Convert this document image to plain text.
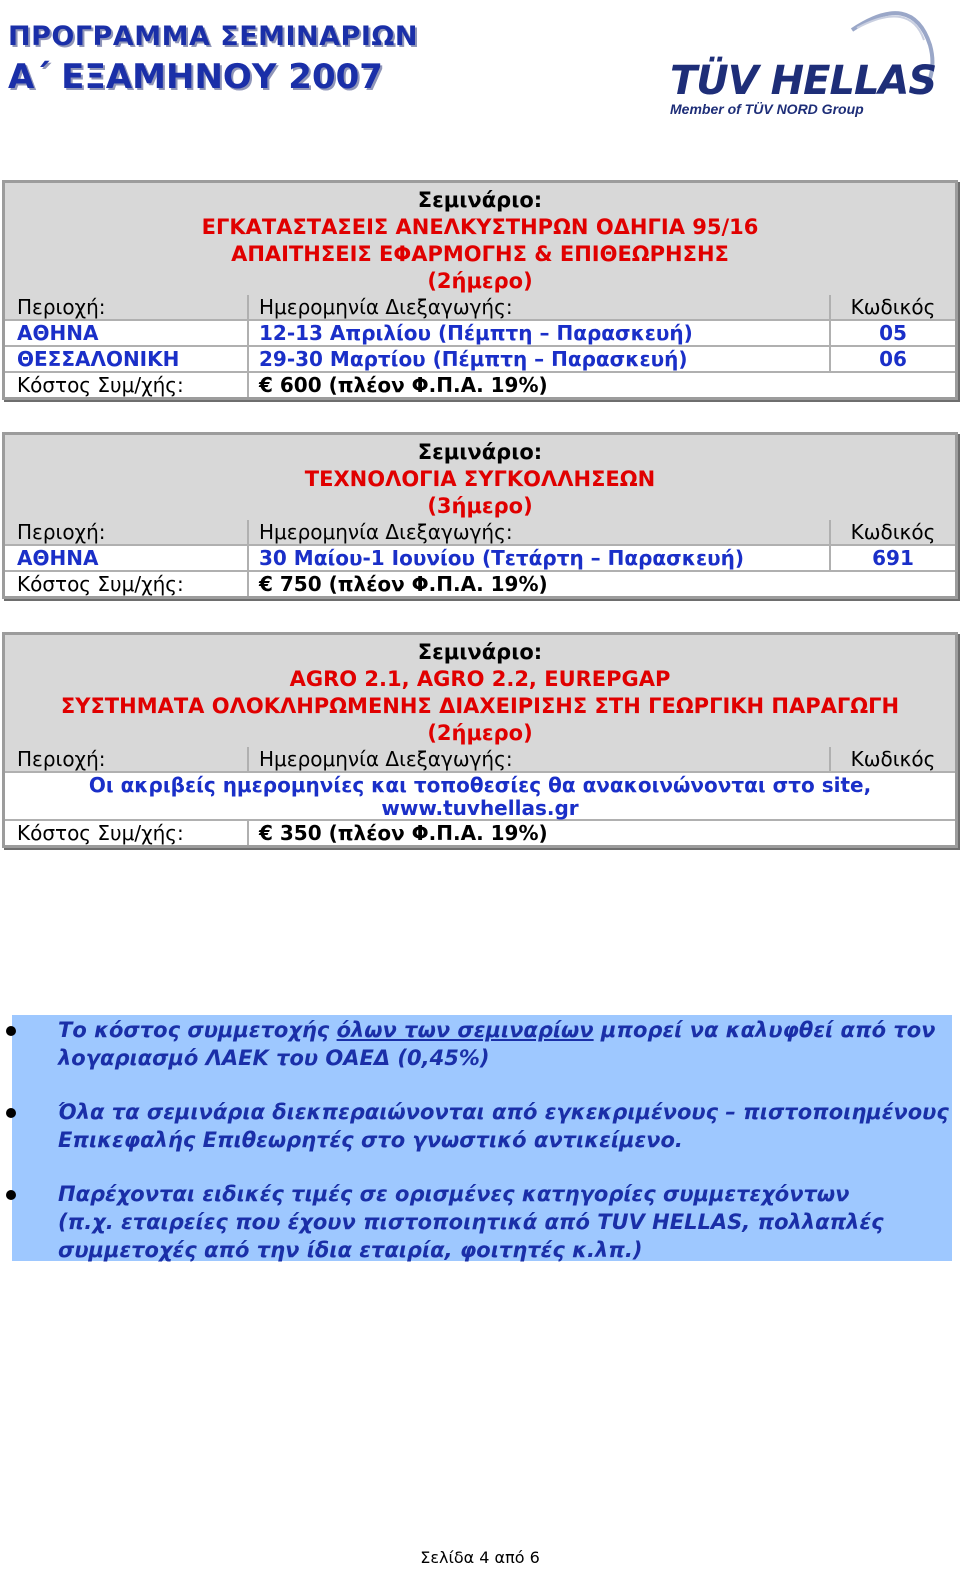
ΠΡΟΓΡΑΜΜΑ ΣΕΜΙΝΑΡΙΩΝ
Α΄ ΕΞΑΜΗΝΟΥ 2007	TÜV HELLAS
Member of TÜV NORD Group
Σεμινάριο:
ΕΓΚΑΤΑΣΤΑΣΕΙΣ ΑΝΕΛΚΥΣΤΗΡΩΝ ΟΔΗΓΙΑ 95/16
ΑΠΑΙΤΗΣΕΙΣ ΕΦΑΡΜΟΓΗΣ & ΕΠΙΘΕΩΡΗΣΗΣ
(2ήμερο)
Περιοχή:	Ημερομηνία Διεξαγωγής:	Κωδικός
ΑΘΗΝΑ	12-13 Απριλίου (Πέμπτη – Παρασκευή)	05
ΘΕΣΣΑΛΟΝΙΚΗ	29-30 Μαρτίου (Πέμπτη – Παρασκευή)	06
Κόστος Συμ/χής:	€ 600 (πλέον Φ.Π.Α. 19%)
Σεμινάριο:
ΤΕΧΝΟΛΟΓΙΑ ΣΥΓΚΟΛΛΗΣΕΩΝ
(3ήμερο)
Περιοχή:	Ημερομηνία Διεξαγωγής:	Κωδικός
ΑΘΗΝΑ	30 Μαίου-1 Ιουνίου (Τετάρτη – Παρασκευή)	691
Κόστος Συμ/χής:	€ 750 (πλέον Φ.Π.Α. 19%)
Σεμινάριο:
AGRO 2.1, AGRO 2.2, EUREPGAP
ΣΥΣΤΗΜΑΤΑ ΟΛΟΚΛΗΡΩΜΕΝΗΣ ΔΙΑΧΕΙΡΙΣΗΣ ΣΤΗ ΓΕΩΡΓΙΚΗ ΠΑΡΑΓΩΓΗ
(2ήμερο)
Περιοχή:	Ημερομηνία Διεξαγωγής:	Κωδικός
Οι ακριβείς ημερομηνίες και τοποθεσίες θα ανακοινώνονται στο site,
www.tuvhellas.gr
Κόστος Συμ/χής:	€ 350 (πλέον Φ.Π.Α. 19%)
Το κόστος συμμετοχής όλων των σεμιναρίων μπορεί να καλυφθεί από τον
λογαριασμό ΛΑΕΚ του ΟΑΕΔ (0,45%)
Όλα τα σεμινάρια διεκπεραιώνονται από εγκεκριμένους – πιστοποιημένους
Επικεφαλής Επιθεωρητές στο γνωστικό αντικείμενο.
Παρέχονται ειδικές τιμές σε ορισμένες κατηγορίες συμμετεχόντων
(π.χ. εταιρείες που έχουν πιστοποιητικά από TUV HELLAS, πολλαπλές
συμμετοχές από την ίδια εταιρία, φοιτητές κ.λπ.)
Σελίδα 4 από 6
